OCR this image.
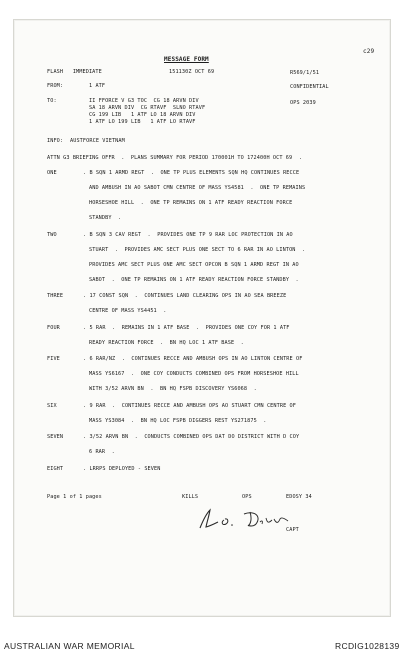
c29
MESSAGE FORM
FLASH   IMMEDIATE	151130Z OCT 69	R569/1/51
FROM:	1 ATF	CONFIDENTIAL
TO:	II FFORCE V G3 TOC  CG 18 ARVN DIV
SA 18 ARVN DIV  CG RTAVF  SLNO RTAVF
CG 199 LIB   1 ATF LO 18 ARVN DIV
1 ATF LO 199 LIB   1 ATF LO RTAVF
OPS 2039
INFO: AUSTFORCE VIETNAM
ATTN G3 BRIEFING OFFR  .  PLANS SUMMARY FOR PERIOD 170001H TO 172400H OCT 69  .
ONE	. B SQN 1 ARMD REGT  .  ONE TP PLUS ELEMENTS SQN HQ CONTINUES RECCE
AND AMBUSH IN AO SABOT CMN CENTRE OF MASS YS4581  .  ONE TP REMAINS
HORSESHOE HILL  .  ONE TP REMAINS ON 1 ATF READY REACTION FORCE
STANDBY  .
TWO	. B SQN 3 CAV REGT  .  PROVIDES ONE TP 9 RAR LOC PROTECTION IN AO
STUART  .  PROVIDES AMC SECT PLUS ONE SECT TO 6 RAR IN AO LINTON  .
PROVIDES AMC SECT PLUS ONE AMC SECT OPCON B SQN 1 ARMD REGT IN AO
SABOT  .  ONE TP REMAINS ON 1 ATF READY REACTION FORCE STANDBY  .
THREE	. 17 CONST SQN  .  CONTINUES LAND CLEARING OPS IN AO SEA BREEZE
CENTRE OF MASS YS4451  .
FOUR	. 5 RAR  .  REMAINS IN 1 ATF BASE  .  PROVIDES ONE COY FOR 1 ATF
READY REACTION FORCE  .  BN HQ LOC 1 ATF BASE  .
FIVE	. 6 RAR/NZ  .  CONTINUES RECCE AND AMBUSH OPS IN AO LINTON CENTRE OF
MASS YS6167  .  ONE COY CONDUCTS COMBINED OPS FROM HORSESHOE HILL
WITH 3/52 ARVN BN  .  BN HQ FSPB DISCOVERY YS6068  .
SIX	. 9 RAR  .  CONTINUES RECCE AND AMBUSH OPS AO STUART CMN CENTRE OF
MASS YS3084  .  BN HQ LOC FSPB DIGGERS REST YS271875  .
SEVEN	. 3/52 ARVN BN  .  CONDUCTS COMBINED OPS DAT DO DISTRICT WITH D COY
6 RAR  .
EIGHT	. LRRPS DEPLOYED - SEVEN
Page 1 of 1 pages	KILLS	OPS	EDOSY 34
L.G. Dixon
CAPT
AUSTRALIAN WAR MEMORIAL	RCDIG1028139
